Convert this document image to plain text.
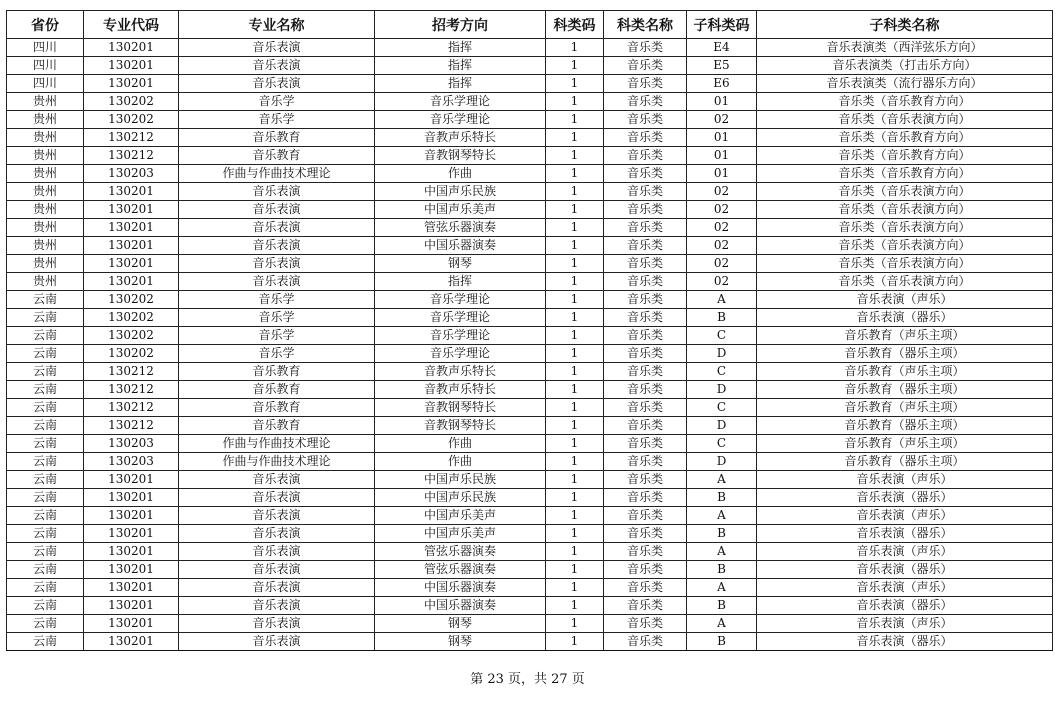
省份	专业代码	专业名称	招考方向	科类码	科类名称	子科类码	子科类名称
四川	130201	音乐表演	指挥	1	音乐类	E4	音乐表演类（西洋弦乐方向）
四川	130201	音乐表演	指挥	1	音乐类	E5	音乐表演类（打击乐方向）
四川	130201	音乐表演	指挥	1	音乐类	E6	音乐表演类（流行器乐方向）
贵州	130202	音乐学	音乐学理论	1	音乐类	01	音乐类（音乐教育方向）
贵州	130202	音乐学	音乐学理论	1	音乐类	02	音乐类（音乐表演方向）
贵州	130212	音乐教育	音教声乐特长	1	音乐类	01	音乐类（音乐教育方向）
贵州	130212	音乐教育	音教钢琴特长	1	音乐类	01	音乐类（音乐教育方向）
贵州	130203	作曲与作曲技术理论	作曲	1	音乐类	01	音乐类（音乐教育方向）
贵州	130201	音乐表演	中国声乐民族	1	音乐类	02	音乐类（音乐表演方向）
贵州	130201	音乐表演	中国声乐美声	1	音乐类	02	音乐类（音乐表演方向）
贵州	130201	音乐表演	管弦乐器演奏	1	音乐类	02	音乐类（音乐表演方向）
贵州	130201	音乐表演	中国乐器演奏	1	音乐类	02	音乐类（音乐表演方向）
贵州	130201	音乐表演	钢琴	1	音乐类	02	音乐类（音乐表演方向）
贵州	130201	音乐表演	指挥	1	音乐类	02	音乐类（音乐表演方向）
云南	130202	音乐学	音乐学理论	1	音乐类	A	音乐表演（声乐）
云南	130202	音乐学	音乐学理论	1	音乐类	B	音乐表演（器乐）
云南	130202	音乐学	音乐学理论	1	音乐类	C	音乐教育（声乐主项）
云南	130202	音乐学	音乐学理论	1	音乐类	D	音乐教育（器乐主项）
云南	130212	音乐教育	音教声乐特长	1	音乐类	C	音乐教育（声乐主项）
云南	130212	音乐教育	音教声乐特长	1	音乐类	D	音乐教育（器乐主项）
云南	130212	音乐教育	音教钢琴特长	1	音乐类	C	音乐教育（声乐主项）
云南	130212	音乐教育	音教钢琴特长	1	音乐类	D	音乐教育（器乐主项）
云南	130203	作曲与作曲技术理论	作曲	1	音乐类	C	音乐教育（声乐主项）
云南	130203	作曲与作曲技术理论	作曲	1	音乐类	D	音乐教育（器乐主项）
云南	130201	音乐表演	中国声乐民族	1	音乐类	A	音乐表演（声乐）
云南	130201	音乐表演	中国声乐民族	1	音乐类	B	音乐表演（器乐）
云南	130201	音乐表演	中国声乐美声	1	音乐类	A	音乐表演（声乐）
云南	130201	音乐表演	中国声乐美声	1	音乐类	B	音乐表演（器乐）
云南	130201	音乐表演	管弦乐器演奏	1	音乐类	A	音乐表演（声乐）
云南	130201	音乐表演	管弦乐器演奏	1	音乐类	B	音乐表演（器乐）
云南	130201	音乐表演	中国乐器演奏	1	音乐类	A	音乐表演（声乐）
云南	130201	音乐表演	中国乐器演奏	1	音乐类	B	音乐表演（器乐）
云南	130201	音乐表演	钢琴	1	音乐类	A	音乐表演（声乐）
云南	130201	音乐表演	钢琴	1	音乐类	B	音乐表演（器乐）
第 23 页，共 27 页
